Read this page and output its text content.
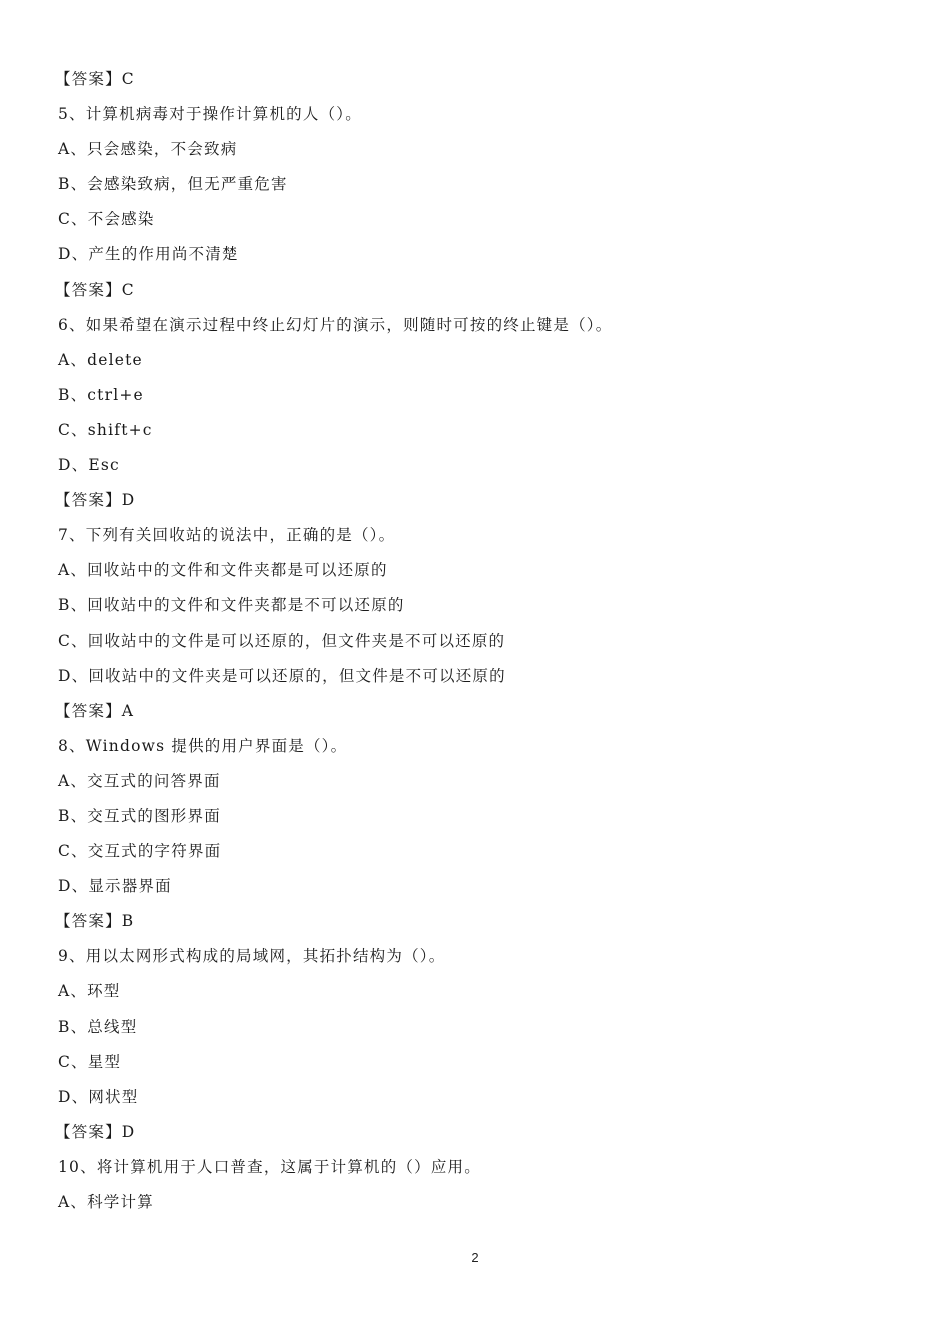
【答案】C
5、计算机病毒对于操作计算机的人（）。
A、只会感染，不会致病
B、会感染致病，但无严重危害
C、不会感染
D、产生的作用尚不清楚
【答案】C
6、如果希望在演示过程中终止幻灯片的演示，则随时可按的终止键是（）。
A、delete
B、ctrl+e
C、shift+c
D、Esc
【答案】D
7、下列有关回收站的说法中，正确的是（）。
A、回收站中的文件和文件夹都是可以还原的
B、回收站中的文件和文件夹都是不可以还原的
C、回收站中的文件是可以还原的，但文件夹是不可以还原的
D、回收站中的文件夹是可以还原的，但文件是不可以还原的
【答案】A
8、Windows 提供的用户界面是（）。
A、交互式的问答界面
B、交互式的图形界面
C、交互式的字符界面
D、显示器界面
【答案】B
9、用以太网形式构成的局域网，其拓扑结构为（）。
A、环型
B、总线型
C、星型
D、网状型
【答案】D
10、将计算机用于人口普查，这属于计算机的（）应用。
A、科学计算
2
